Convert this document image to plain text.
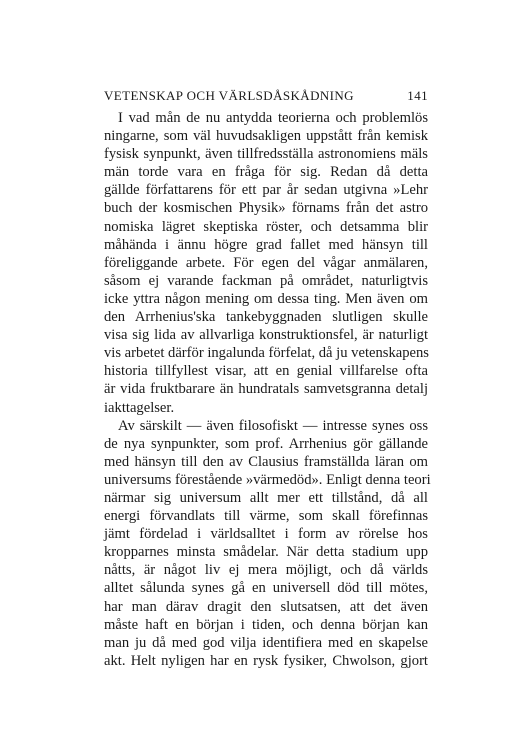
VETENSKAP OCH VÄRLSDÅSKÅDNING	141
I vad mån de nu antydda teorierna och problemlös
ningarne, som väl huvudsakligen uppstått från kemisk
fysisk synpunkt, även tillfredsställa astronomiens mäls
män torde vara en fråga för sig. Redan då detta
gällde författarens för ett par år sedan utgivna »Lehr
buch der kosmischen Physik» förnams från det astro
nomiska lägret skeptiska röster, och detsamma blir
måhända i ännu högre grad fallet med hänsyn till
föreliggande arbete. För egen del vågar anmälaren,
såsom ej varande fackman på området, naturligtvis
icke yttra någon mening om dessa ting. Men även om
den Arrhenius'ska tankebyggnaden slutligen skulle
visa sig lida av allvarliga konstruktionsfel, är naturligt
vis arbetet därför ingalunda förfelat, då ju vetenskapens
historia tillfyllest visar, att en genial villfarelse ofta
är vida fruktbarare än hundratals samvetsgranna detalj
iakttagelser.
Av särskilt — även filosofiskt — intresse synes oss
de nya synpunkter, som prof. Arrhenius gör gällande
med hänsyn till den av Clausius framställda läran om
universums förestående »värmedöd». Enligt denna teori
närmar sig universum allt mer ett tillstånd, då all
energi förvandlats till värme, som skall förefinnas
jämt fördelad i världsalltet i form av rörelse hos
kropparnes minsta smådelar. När detta stadium upp
nåtts, är något liv ej mera möjligt, och då världs
alltet sålunda synes gå en universell död till mötes,
har man därav dragit den slutsatsen, att det även
måste haft en början i tiden, och denna början kan
man ju då med god vilja identifiera med en skapelse
akt. Helt nyligen har en rysk fysiker, Chwolson, gjort
